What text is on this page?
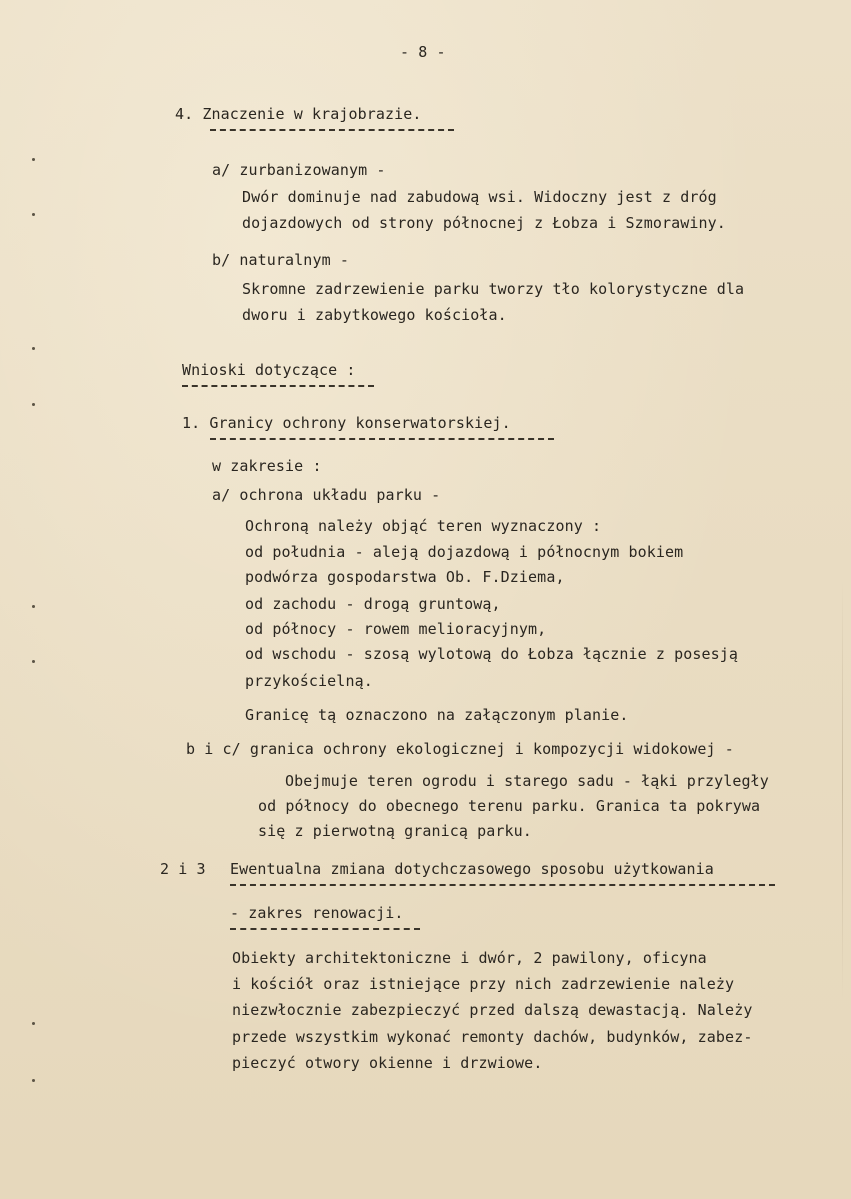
- 8 -
4. Znaczenie w krajobrazie.
a/ zurbanizowanym -
Dwór dominuje nad zabudową wsi. Widoczny jest z dróg
dojazdowych od strony północnej z Łobza i Szmorawiny.
b/ naturalnym -
Skromne zadrzewienie parku tworzy tło kolorystyczne dla
dworu i zabytkowego kościoła.
Wnioski dotyczące :
1. Granicy ochrony konserwatorskiej.
w zakresie :
a/ ochrona układu parku -
Ochroną należy objąć teren wyznaczony :
od południa - aleją dojazdową i północnym bokiem
podwórza gospodarstwa Ob. F.Dziema,
od zachodu - drogą gruntową,
od północy - rowem melioracyjnym,
od wschodu - szosą wylotową do Łobza łącznie z posesją
przykościelną.
Granicę tą oznaczono na załączonym planie.
b i c/ granica ochrony ekologicznej i kompozycji widokowej -
Obejmuje teren ogrodu i starego sadu - łąki przyległy
od północy do obecnego terenu parku. Granica ta pokrywa
się z pierwotną granicą parku.
2 i 3 Ewentualna zmiana dotychczasowego sposobu użytkowania
- zakres renowacji.
Obiekty architektoniczne i dwór, 2 pawilony, oficyna
i kościół oraz istniejące przy nich zadrzewienie należy
niezwłocznie zabezpieczyć przed dalszą dewastacją. Należy
przede wszystkim wykonać remonty dachów, budynków, zabez-
pieczyć otwory okienne i drzwiowe.
